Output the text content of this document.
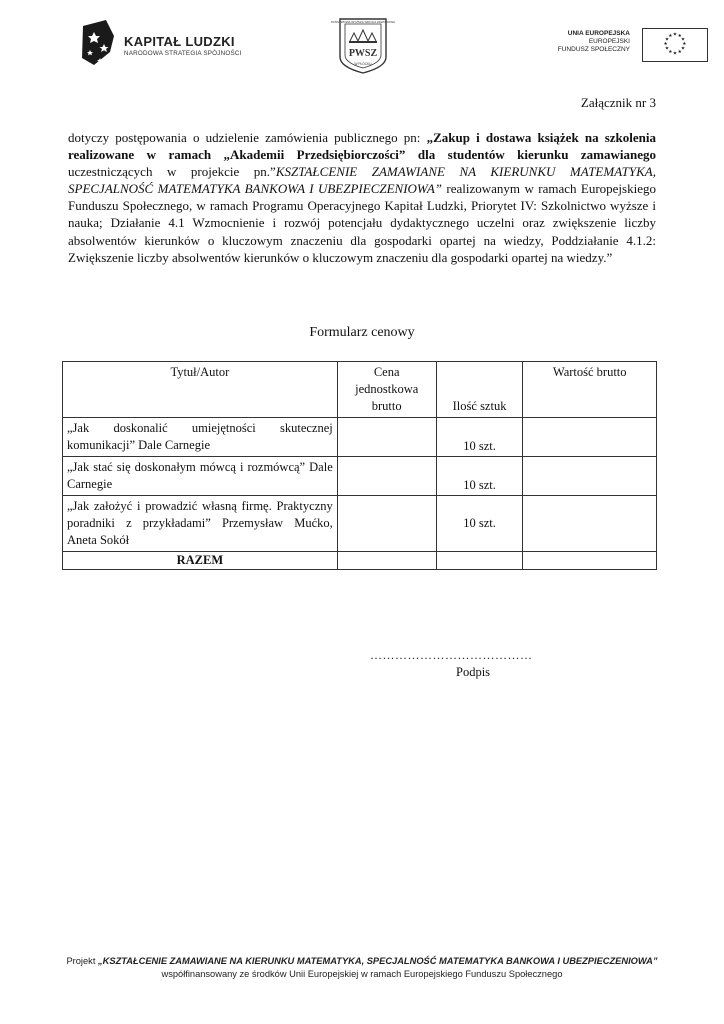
KAPITAŁ LUDZKI
NARODOWA STRATEGIA SPÓJNOŚCI
PAŃSTWOWA WYŻSZA SZKOŁA ZAWODOWA
PWSZ
W PŁOCKU
UNIA EUROPEJSKA
EUROPEJSKI
FUNDUSZ SPOŁECZNY
★ ★
★
★
★
★
★
★
★
★
★
★
Załącznik nr 3
dotyczy postępowania o udzielenie zamówienia publicznego pn: „Zakup i dostawa książek na szkolenia realizowane w ramach „Akademii Przedsiębiorczości” dla studentów kierunku zamawianego uczestniczących w projekcie pn.”KSZTAŁCENIE ZAMAWIANE NA KIERUNKU MATEMATYKA, SPECJALNOŚĆ MATEMATYKA BANKOWA I UBEZPIECZENIOWA” realizowanym w ramach Europejskiego Funduszu Społecznego, w ramach Programu Operacyjnego Kapitał Ludzki, Priorytet IV: Szkolnictwo wyższe i nauka; Działanie 4.1 Wzmocnienie i rozwój potencjału dydaktycznego uczelni oraz zwiększenie liczby absolwentów kierunków o kluczowym znaczeniu dla gospodarki opartej na wiedzy, Poddziałanie 4.1.2: Zwiększenie liczby absolwentów kierunków o kluczowym znaczeniu dla gospodarki opartej na wiedzy.”
Formularz cenowy
Tytuł/Autor	Cena jednostkowa brutto	Ilość sztuk	Wartość brutto
„Jak doskonalić umiejętności skutecznej komunikacji” Dale Carnegie		10 szt.	
„Jak stać się doskonałym mówcą i rozmówcą” Dale Carnegie		10 szt.	
„Jak założyć i prowadzić własną firmę. Praktyczny poradniki z przykładami” Przemysław Mućko, Aneta Sokół		10 szt.	
RAZEM			
…………………………………
Podpis
Projekt „KSZTAŁCENIE ZAMAWIANE NA KIERUNKU MATEMATYKA, SPECJALNOŚĆ MATEMATYKA BANKOWA I UBEZPIECZENIOWA”
współfinansowany ze środków Unii Europejskiej w ramach Europejskiego Funduszu Społecznego
